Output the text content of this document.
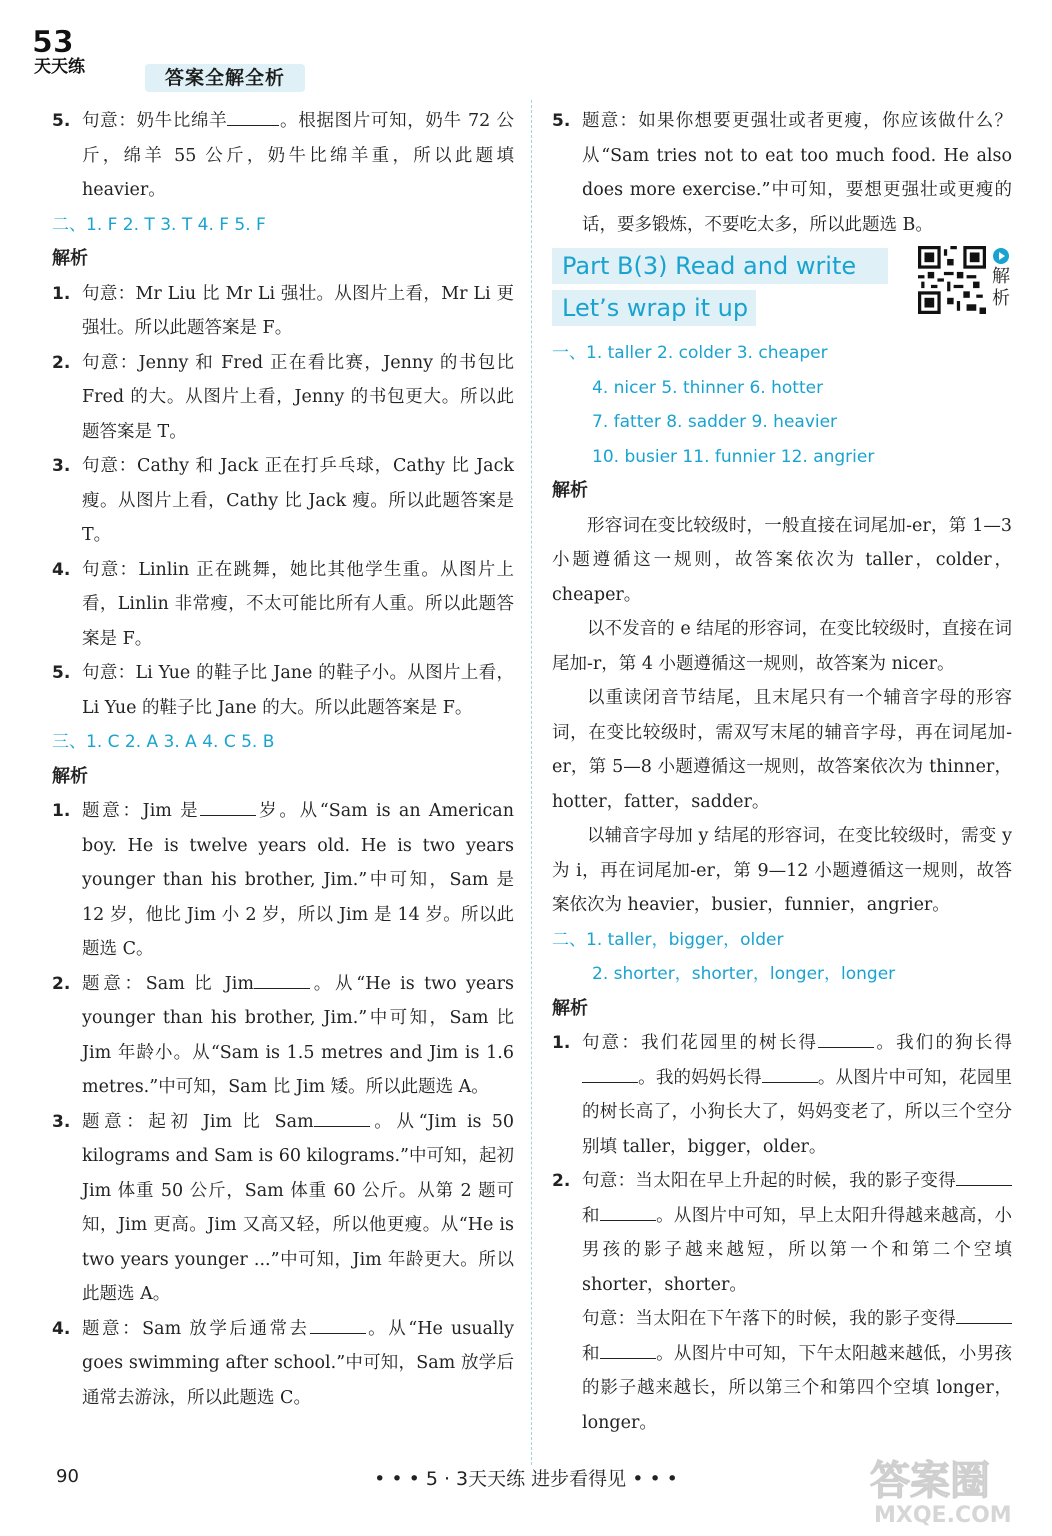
53
天天练	答案全解全析
5. 句意：奶牛比绵羊	。根据图片可知，奶牛 72 公斤，绵羊 55 公斤，奶牛比绵羊重，所以此题填 heavier。
二、1. F 2. T 3. T 4. F 5. F
解析
1. 句意：Mr Liu 比 Mr Li 强壮。从图片上看，Mr Li 更强壮。所以此题答案是 F。
2. 句意：Jenny 和 Fred 正在看比赛，Jenny 的书包比 Fred 的大。从图片上看，Jenny 的书包更大。所以此题答案是 T。
3. 句意：Cathy 和 Jack 正在打乒乓球，Cathy 比 Jack 瘦。从图片上看，Cathy 比 Jack 瘦。所以此题答案是 T。
4. 句意：Linlin 正在跳舞，她比其他学生重。从图片上看，Linlin 非常瘦，不太可能比所有人重。所以此题答案是 F。
5. 句意：Li Yue 的鞋子比 Jane 的鞋子小。从图片上看，Li Yue 的鞋子比 Jane 的大。所以此题答案是 F。
三、1. C 2. A 3. A 4. C 5. B
解析
1. 题意：Jim 是	岁。从“Sam is an American boy. He is twelve years old. He is two years younger than his brother, Jim.”中可知，Sam 是 12 岁，他比 Jim 小 2 岁，所以 Jim 是 14 岁。所以此题选 C。
2. 题意：Sam 比 Jim	。从“He is two years younger than his brother, Jim.”中可知，Sam 比 Jim 年龄小。从“Sam is 1.5 metres and Jim is 1.6 metres.”中可知，Sam 比 Jim 矮。所以此题选 A。
3. 题意：起初 Jim 比 Sam	。从“Jim is 50 kilograms and Sam is 60 kilograms.”中可知，起初 Jim 体重 50 公斤，Sam 体重 60 公斤。从第 2 题可知，Jim 更高。Jim 又高又轻，所以他更瘦。从“He is two years younger ...”中可知，Jim 年龄更大。所以此题选 A。
4. 题意：Sam 放学后通常去	。从“He usually goes swimming after school.”中可知，Sam 放学后通常去游泳，所以此题选 C。
5. 题意：如果你想要更强壮或者更瘦，你应该做什么？从“Sam tries not to eat too much food. He also does more exercise.”中可知，要想更强壮或更瘦的话，要多锻炼，不要吃太多，所以此题选 B。
Part B(3) Read and write
Let’s wrap it up
解析
一、1. taller 2. colder 3. cheaper
4. nicer 5. thinner 6. hotter
7. fatter 8. sadder 9. heavier
10. busier 11. funnier 12. angrier
解析
形容词在变比较级时，一般直接在词尾加-er，第 1—3 小题遵循这一规则，故答案依次为 taller，colder，cheaper。
以不发音的 e 结尾的形容词，在变比较级时，直接在词尾加-r，第 4 小题遵循这一规则，故答案为 nicer。
以重读闭音节结尾，且末尾只有一个辅音字母的形容词，在变比较级时，需双写末尾的辅音字母，再在词尾加-er，第 5—8 小题遵循这一规则，故答案依次为 thinner，hotter，fatter，sadder。
以辅音字母加 y 结尾的形容词，在变比较级时，需变 y 为 i，再在词尾加-er，第 9—12 小题遵循这一规则，故答案依次为 heavier，busier，funnier，angrier。
二、1. taller，bigger，older
2. shorter，shorter，longer，longer
解析
1. 句意：我们花园里的树长得	。我们的狗长得。我的妈妈长得	。从图片中可知，花园里的树长高了，小狗长大了，妈妈变老了，所以三个空分别填 taller，bigger，older。
2. 句意：当太阳在早上升起的时候，我的影子变得和	。从图片中可知，早上太阳升得越来越高，小男孩的影子越来越短，所以第一个和第二个空填 shorter，shorter。
句意：当太阳在下午落下的时候，我的影子变得和	。从图片中可知，下午太阳越来越低，小男孩的影子越来越长，所以第三个和第四个空填 longer，longer。
90	• • • 5 · 3天天练 进步看得见 • • •	答案圈
MXQE.COM
